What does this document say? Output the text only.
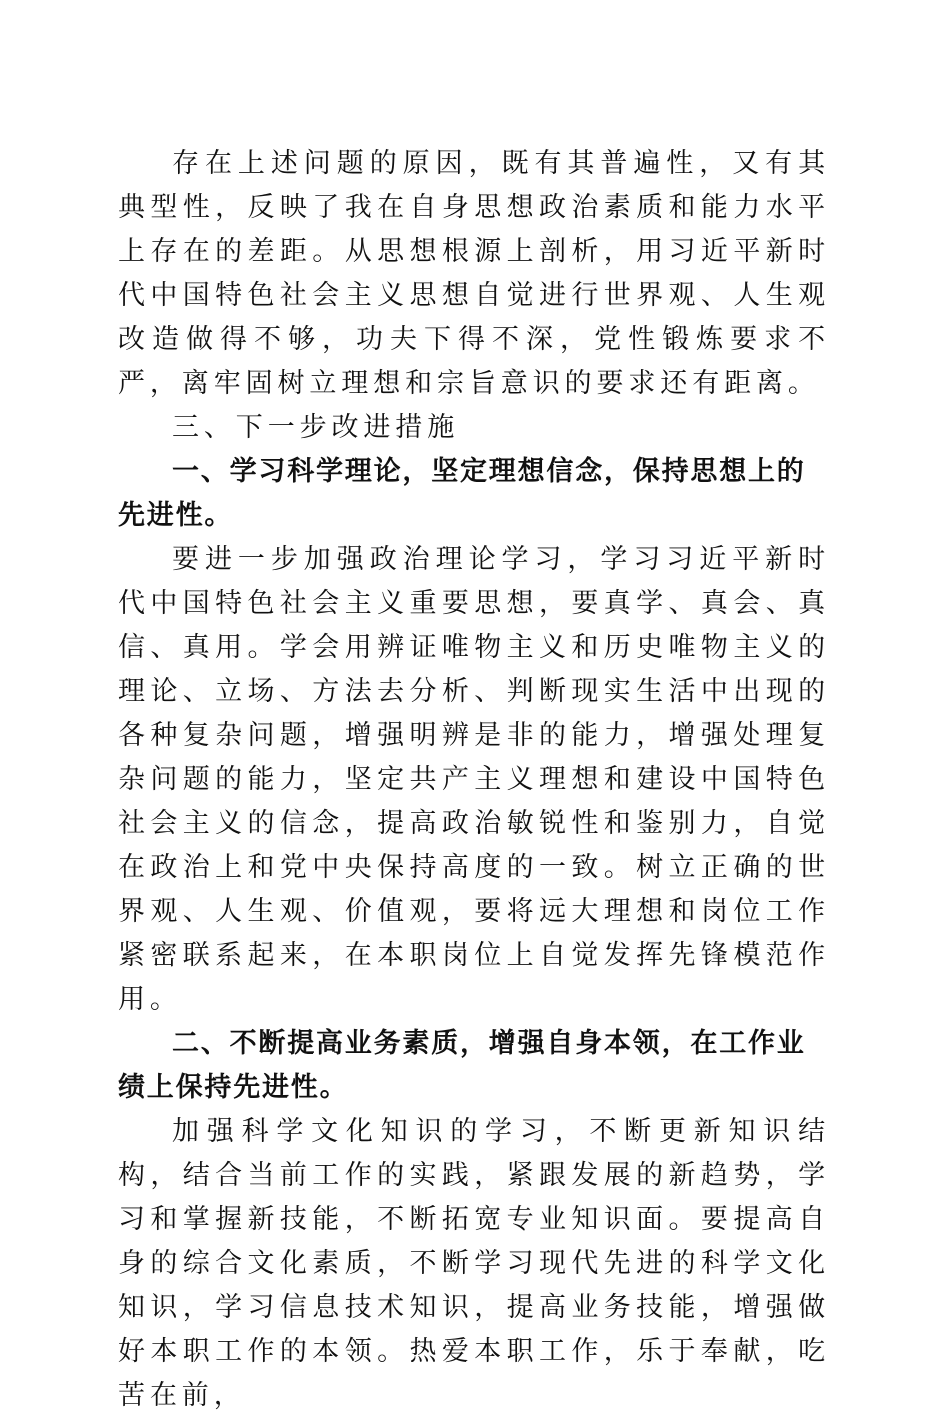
存在上述问题的原因，既有其普遍性，又有其典型性，反映了我在自身思想政治素质和能力水平上存在的差距。从思想根源上剖析，用习近平新时代中国特色社会主义思想自觉进行世界观、人生观改造做得不够，功夫下得不深，党性锻炼要求不严，离牢固树立理想和宗旨意识的要求还有距离。

三、下一步改进措施

一、学习科学理论，坚定理想信念，保持思想上的先进性。

要进一步加强政治理论学习，学习习近平新时代中国特色社会主义重要思想，要真学、真会、真信、真用。学会用辨证唯物主义和历史唯物主义的理论、立场、方法去分析、判断现实生活中出现的各种复杂问题，增强明辨是非的能力，增强处理复杂问题的能力，坚定共产主义理想和建设中国特色社会主义的信念，提高政治敏锐性和鉴别力，自觉在政治上和党中央保持高度的一致。树立正确的世界观、人生观、价值观，要将远大理想和岗位工作紧密联系起来，在本职岗位上自觉发挥先锋模范作用。

二、不断提高业务素质，增强自身本领，在工作业绩上保持先进性。

加强科学文化知识的学习，不断更新知识结构，结合当前工作的实践，紧跟发展的新趋势，学习和掌握新技能，不断拓宽专业知识面。要提高自身的综合文化素质，不断学习现代先进的科学文化知识，学习信息技术知识，提高业务技能，增强做好本职工作的本领。热爱本职工作，乐于奉献，吃苦在前，
